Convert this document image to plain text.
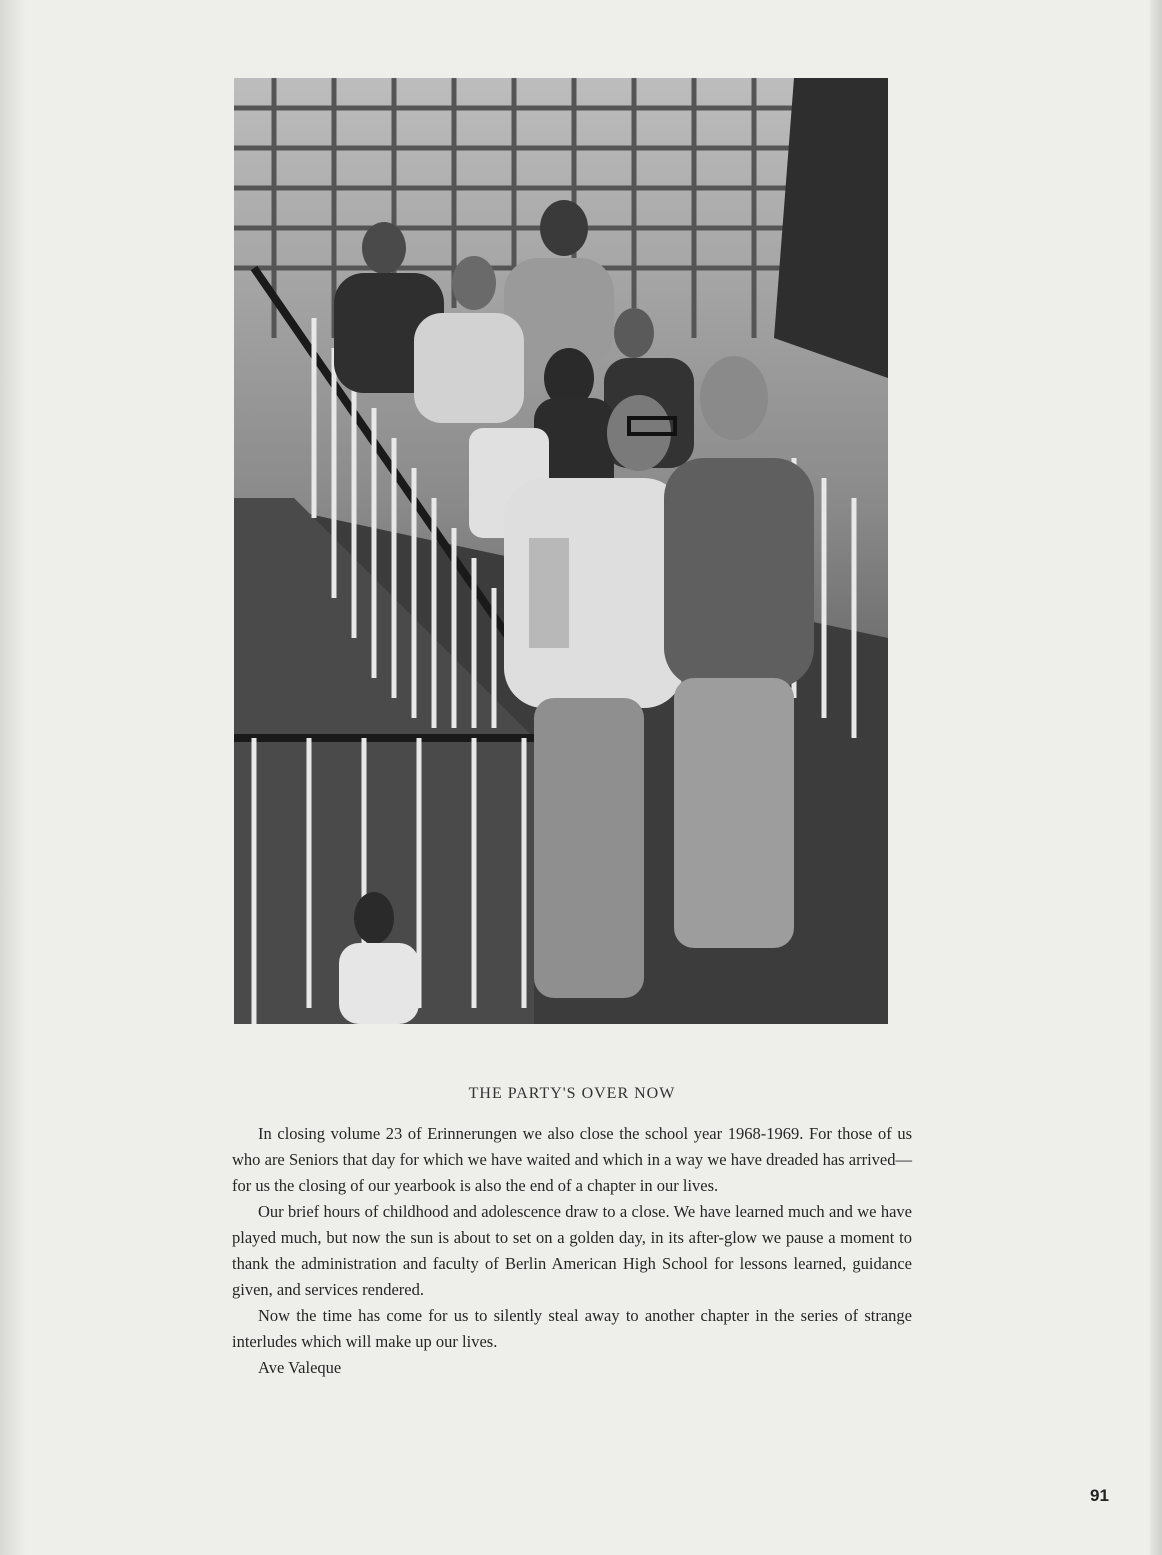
THE PARTY'S OVER NOW

In closing volume 23 of Erinnerungen we also close the school year 1968-1969. For those of us who are Seniors that day for which we have waited and which in a way we have dreaded has arrived—for us the closing of our yearbook is also the end of a chapter in our lives.

Our brief hours of childhood and adolescence draw to a close. We have learned much and we have played much, but now the sun is about to set on a golden day, in its after-glow we pause a moment to thank the administration and faculty of Berlin American High School for lessons learned, guidance given, and services rendered.

Now the time has come for us to silently steal away to another chapter in the series of strange interludes which will make up our lives.

Ave Valeque

91
